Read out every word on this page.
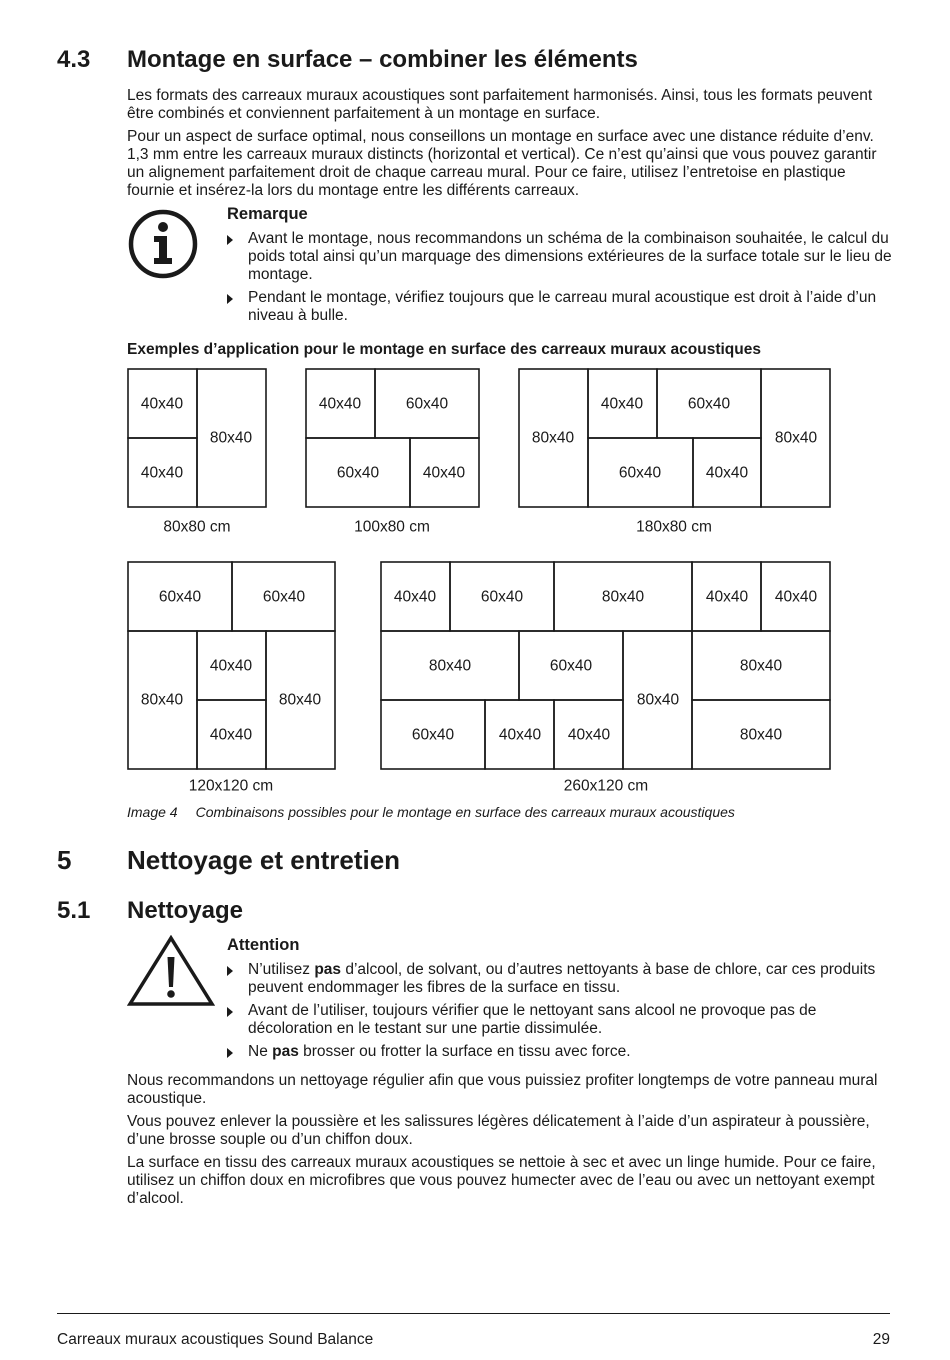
4.3 Montage en surface – combiner les éléments

Les formats des carreaux muraux acoustiques sont parfaitement harmonisés. Ainsi, tous les formats peuvent être combinés et conviennent parfaitement à un montage en surface.

Pour un aspect de surface optimal, nous conseillons un montage en surface avec une distance réduite d’env. 1,3 mm entre les carreaux muraux distincts (horizontal et vertical). Ce n’est qu’ainsi que vous pouvez garantir un alignement parfaitement droit de chaque carreau mural. Pour ce faire, utilisez l’entretoise en plastique fournie et insérez-la lors du montage entre les différents carreaux.

Remarque
Avant le montage, nous recommandons un schéma de la combinaison souhaitée, le calcul du poids total ainsi qu’un marquage des dimensions extérieures de la surface totale sur le lieu de montage.
Pendant le montage, vérifiez toujours que le carreau mural acoustique est droit à l’aide d’un niveau à bulle.
Exemples d’application pour le montage en surface des carreaux muraux acoustiques
40x40
40x40
80x40
80x80 cm
40x40	60x40
60x40	40x40
100x80 cm
80x40
40x40	60x40
60x40	40x40
80x40
180x80 cm
60x40	60x40
80x40
40x40
40x40
80x40
120x120 cm
40x40	60x40	80x40	40x40 40x40
80x40	60x40	80x40
80x40
60x40	40x40 40x40
80x40
260x120 cm
Image 4 Combinaisons possibles pour le montage en surface des carreaux muraux acoustiques
5 Nettoyage et entretien
5.1 Nettoyage
Attention
N’utilisez pas d’alcool, de solvant, ou d’autres nettoyants à base de chlore, car ces produits peuvent endommager les fibres de la surface en tissu.
Avant de l’utiliser, toujours vérifier que le nettoyant sans alcool ne provoque pas de décoloration en le testant sur une partie dissimulée.
Ne pas brosser ou frotter la surface en tissu avec force.

Nous recommandons un nettoyage régulier afin que vous puissiez profiter longtemps de votre panneau mural acoustique.

Vous pouvez enlever la poussière et les salissures légères délicatement à l’aide d’un aspirateur à poussière, d’une brosse souple ou d’un chiffon doux.

La surface en tissu des carreaux muraux acoustiques se nettoie à sec et avec un linge humide. Pour ce faire, utilisez un chiffon doux en microfibres que vous pouvez humecter avec de l’eau ou avec un nettoyant exempt d’alcool.

Carreaux muraux acoustiques Sound Balance	29
